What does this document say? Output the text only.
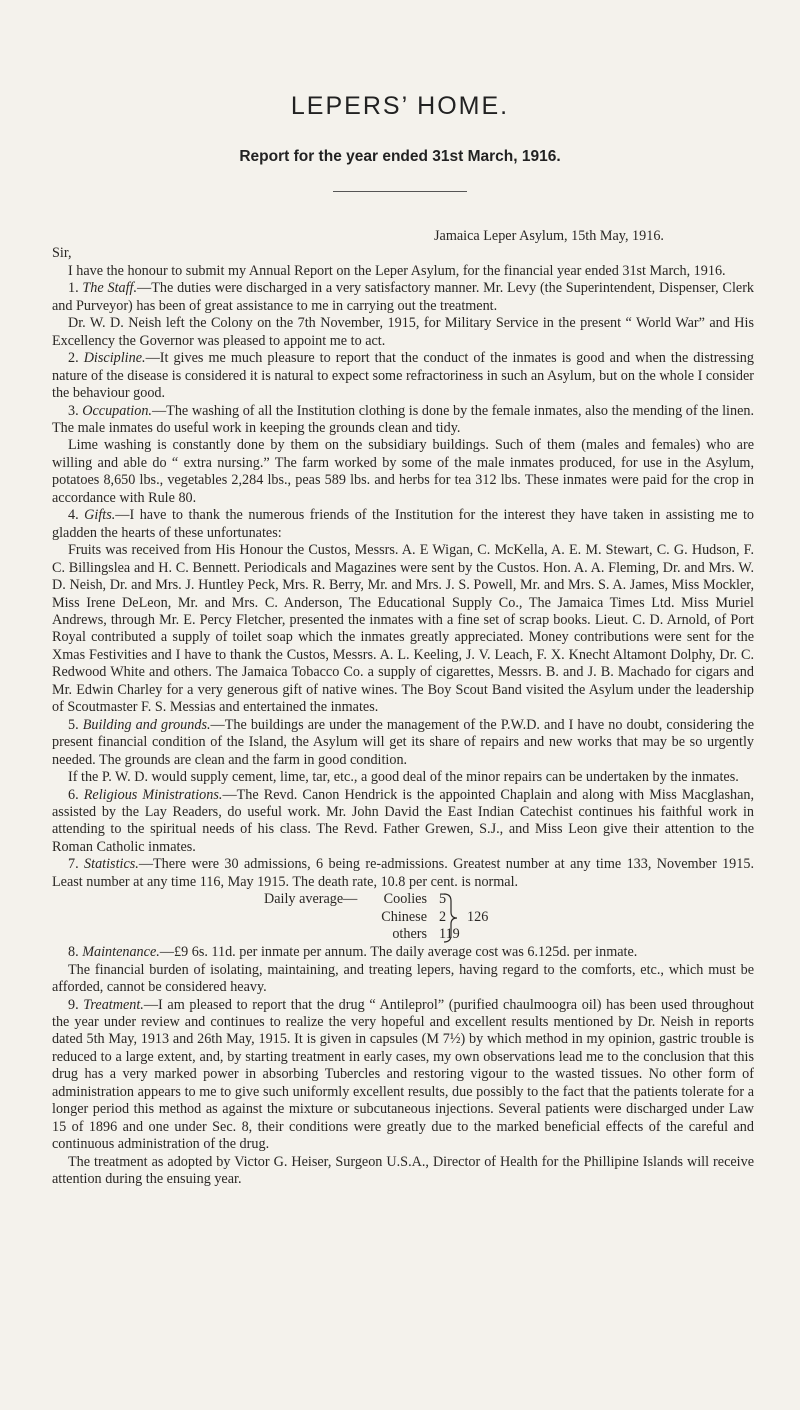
LEPERS’ HOME.
Report for the year ended 31st March, 1916.

Jamaica Leper Asylum, 15th May, 1916.

Sir,

I have the honour to submit my Annual Report on the Leper Asylum, for the financial year ended 31st March, 1916.

1. The Staff.—The duties were discharged in a very satisfactory manner. Mr. Levy (the Superintendent, Dispenser, Clerk and Purveyor) has been of great assistance to me in carrying out the treatment.

Dr. W. D. Neish left the Colony on the 7th November, 1915, for Military Service in the present “ World War” and His Excellency the Governor was pleased to appoint me to act.

2. Discipline.—It gives me much pleasure to report that the conduct of the inmates is good and when the distressing nature of the disease is considered it is natural to expect some refractoriness in such an Asylum, but on the whole I consider the behaviour good.

3. Occupation.—The washing of all the Institution clothing is done by the female inmates, also the mending of the linen. The male inmates do useful work in keeping the grounds clean and tidy.

Lime washing is constantly done by them on the subsidiary buildings. Such of them (males and females) who are willing and able do “ extra nursing.” The farm worked by some of the male inmates produced, for use in the Asylum, potatoes 8,650 lbs., vegetables 2,284 lbs., peas 589 lbs. and herbs for tea 312 lbs. These inmates were paid for the crop in accordance with Rule 80.

4. Gifts.—I have to thank the numerous friends of the Institution for the interest they have taken in assisting me to gladden the hearts of these unfortunates:

Fruits was received from His Honour the Custos, Messrs. A. E Wigan, C. McKella, A. E. M. Stewart, C. G. Hudson, F. C. Billingslea and H. C. Bennett. Periodicals and Magazines were sent by the Custos. Hon. A. A. Fleming, Dr. and Mrs. W. D. Neish, Dr. and Mrs. J. Huntley Peck, Mrs. R. Berry, Mr. and Mrs. J. S. Powell, Mr. and Mrs. S. A. James, Miss Mockler, Miss Irene DeLeon, Mr. and Mrs. C. Anderson, The Educational Supply Co., The Jamaica Times Ltd. Miss Muriel Andrews, through Mr. E. Percy Fletcher, presented the inmates with a fine set of scrap books. Lieut. C. D. Arnold, of Port Royal contributed a supply of toilet soap which the inmates greatly appreciated. Money contributions were sent for the Xmas Festivities and I have to thank the Custos, Messrs. A. L. Keeling, J. V. Leach, F. X. Knecht Altamont Dolphy, Dr. C. Redwood White and others. The Jamaica Tobacco Co. a supply of cigarettes, Messrs. B. and J. B. Machado for cigars and Mr. Edwin Charley for a very generous gift of native wines. The Boy Scout Band visited the Asylum under the leadership of Scoutmaster F. S. Messias and entertained the inmates.

5. Building and grounds.—The buildings are under the management of the P.W.D. and I have no doubt, considering the present financial condition of the Island, the Asylum will get its share of repairs and new works that may be so urgently needed. The grounds are clean and the farm in good condition.

If the P. W. D. would supply cement, lime, tar, etc., a good deal of the minor repairs can be undertaken by the inmates.

6. Religious Ministrations.—The Revd. Canon Hendrick is the appointed Chaplain and along with Miss Macglashan, assisted by the Lay Readers, do useful work. Mr. John David the East Indian Catechist continues his faithful work in attending to the spiritual needs of his class. The Revd. Father Grewen, S.J., and Miss Leon give their attention to the Roman Catholic inmates.

7. Statistics.—There were 30 admissions, 6 being re-admissions. Greatest number at any time 133, November 1915. Least number at any time 116, May 1915. The death rate, 10.8 per cent. is normal.

Daily average—	Coolies 5
Chinese 2
others 119
126

8. Maintenance.—£9 6s. 11d. per inmate per annum. The daily average cost was 6.125d. per inmate.

The financial burden of isolating, maintaining, and treating lepers, having regard to the comforts, etc., which must be afforded, cannot be considered heavy.

9. Treatment.—I am pleased to report that the drug “ Antileprol” (purified chaulmoogra oil) has been used throughout the year under review and continues to realize the very hopeful and excellent results mentioned by Dr. Neish in reports dated 5th May, 1913 and 26th May, 1915. It is given in capsules (M 7½) by which method in my opinion, gastric trouble is reduced to a large extent, and, by starting treatment in early cases, my own observations lead me to the conclusion that this drug has a very marked power in absorbing Tubercles and restoring vigour to the wasted tissues. No other form of administration appears to me to give such uniformly excellent results, due possibly to the fact that the patients tolerate for a longer period this method as against the mixture or subcutaneous injections. Several patients were discharged under Law 15 of 1896 and one under Sec. 8, their conditions were greatly due to the marked beneficial effects of the careful and continuous administration of the drug.

The treatment as adopted by Victor G. Heiser, Surgeon U.S.A., Director of Health for the Phillipine Islands will receive attention during the ensuing year.
